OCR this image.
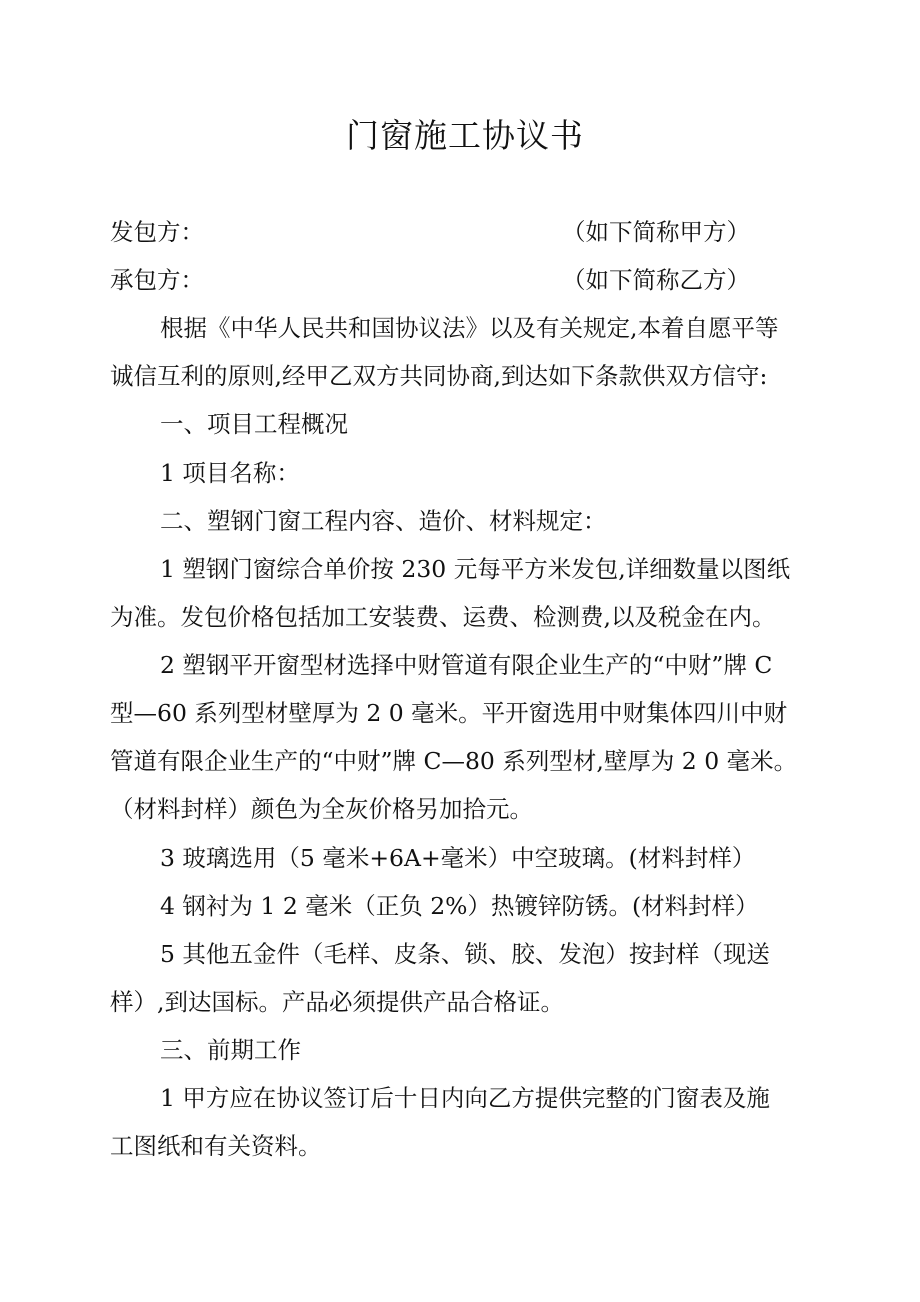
门窗施工协议书
发包方：	（如下简称甲方）
承包方：	（如下简称乙方）
根据《中华人民共和国协议法》以及有关规定,本着自愿平等
诚信互利的原则,经甲乙双方共同协商,到达如下条款供双方信守:
一、项目工程概况
1 项目名称：
二、塑钢门窗工程内容、造价、材料规定：
1 塑钢门窗综合单价按 230 元每平方米发包,详细数量以图纸
为准。发包价格包括加工安装费、运费、检测费,以及税金在内。
2 塑钢平开窗型材选择中财管道有限企业生产的“中财”牌 C
型—60 系列型材壁厚为 2 0 毫米。平开窗选用中财集体四川中财
管道有限企业生产的“中财”牌 C—80 系列型材,壁厚为 2 0 毫米。
（材料封样）颜色为全灰价格另加拾元。
3 玻璃选用（5 毫米+6A+毫米）中空玻璃。(材料封样）
4 钢衬为 1 2 毫米（正负 2%）热镀锌防锈。(材料封样）
5 其他五金件（毛样、皮条、锁、胶、发泡）按封样（现送
样）,到达国标。产品必须提供产品合格证。
三、前期工作
1 甲方应在协议签订后十日内向乙方提供完整的门窗表及施
工图纸和有关资料。
